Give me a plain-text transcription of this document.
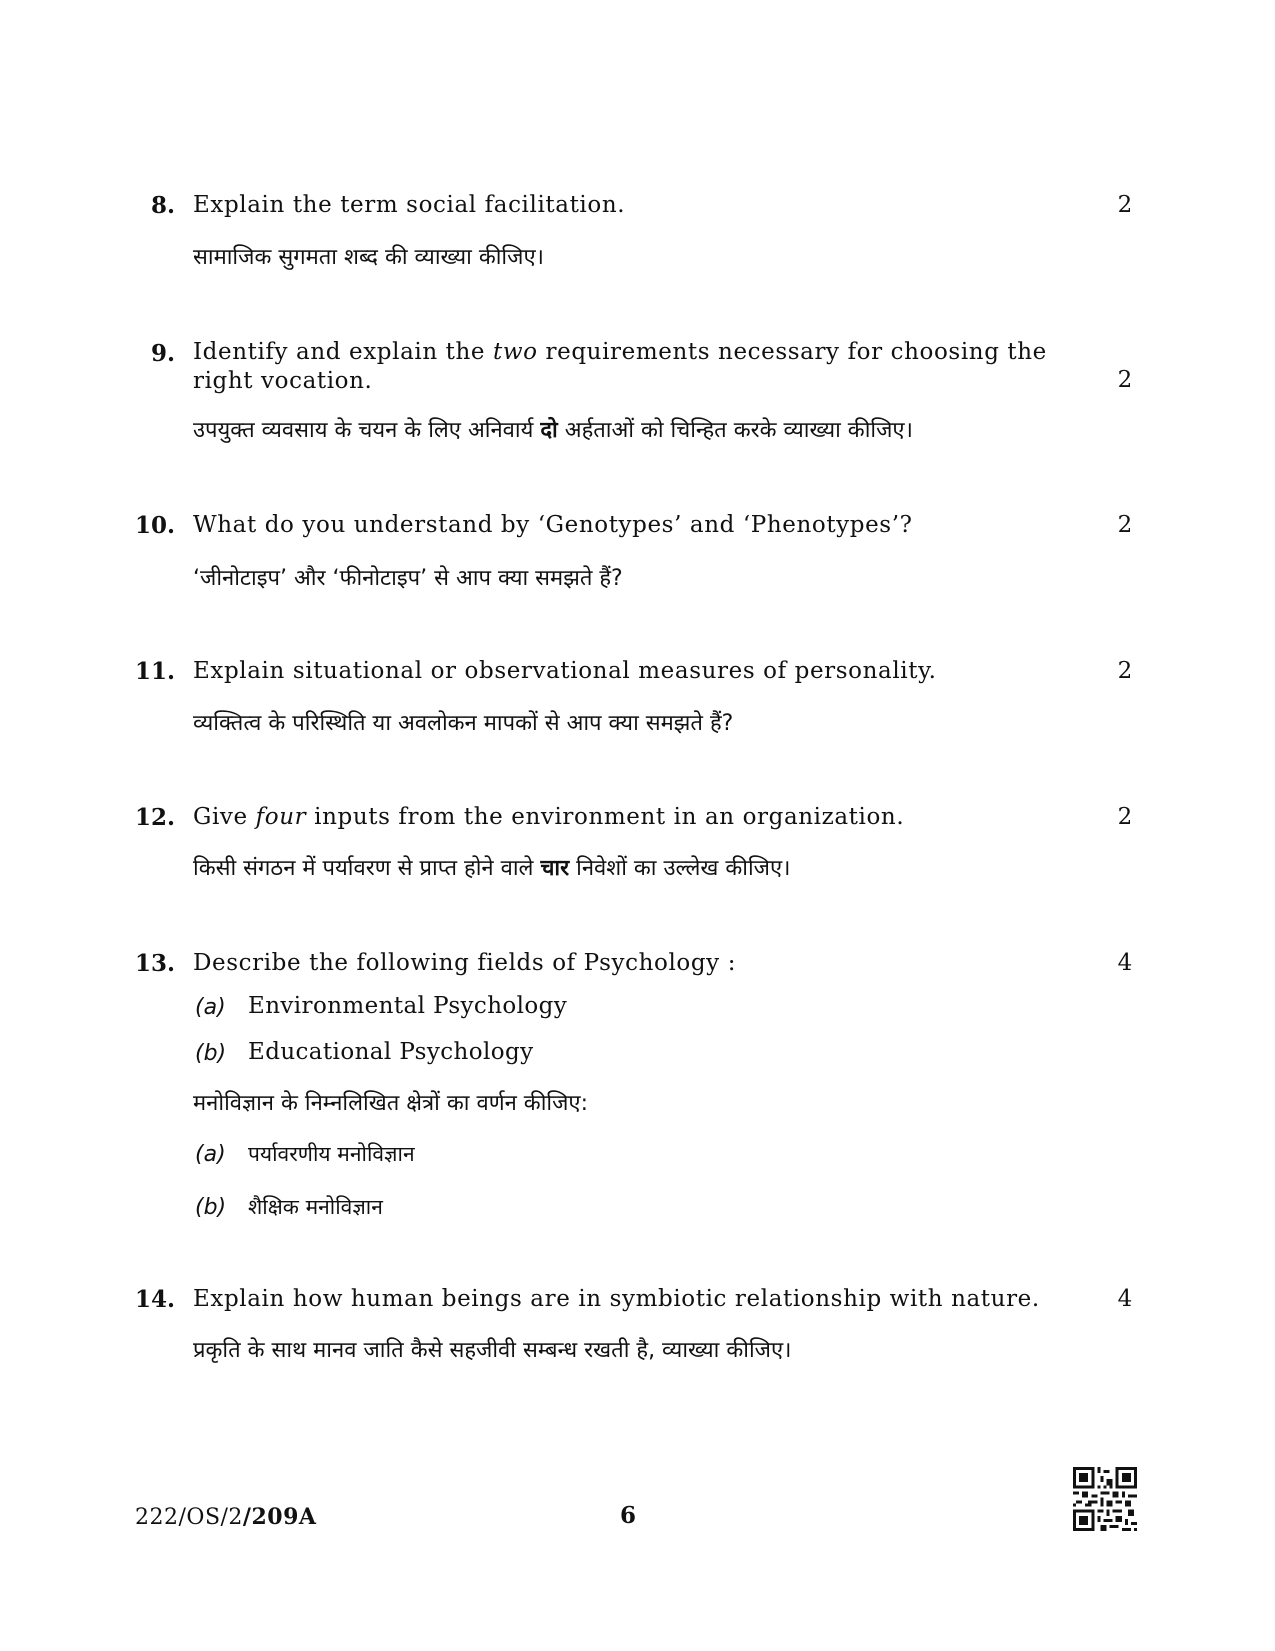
8. Explain the term social facilitation.	2
सामाजिक सुगमता शब्द की व्याख्या कीजिए।
9. Identify and explain the two requirements necessary for choosing the right vocation.	2
उपयुक्त व्यवसाय के चयन के लिए अनिवार्य दो अर्हताओं को चिन्हित करके व्याख्या कीजिए।
10. What do you understand by ‘Genotypes’ and ‘Phenotypes’?	2
‘जीनोटाइप’ और ‘फीनोटाइप’ से आप क्या समझते हैं?
11. Explain situational or observational measures of personality.	2
व्यक्तित्व के परिस्थिति या अवलोकन मापकों से आप क्या समझते हैं?
12. Give four inputs from the environment in an organization.	2
किसी संगठन में पर्यावरण से प्राप्त होने वाले चार निवेशों का उल्लेख कीजिए।
13. Describe the following fields of Psychology :	4
(a) Environmental Psychology
(b) Educational Psychology
मनोविज्ञान के निम्नलिखित क्षेत्रों का वर्णन कीजिए:
(a) पर्यावरणीय मनोविज्ञान
(b) शैक्षिक मनोविज्ञान
14. Explain how human beings are in symbiotic relationship with nature.	4
प्रकृति के साथ मानव जाति कैसे सहजीवी सम्बन्ध रखती है, व्याख्या कीजिए।
222/OS/2/209A	6
